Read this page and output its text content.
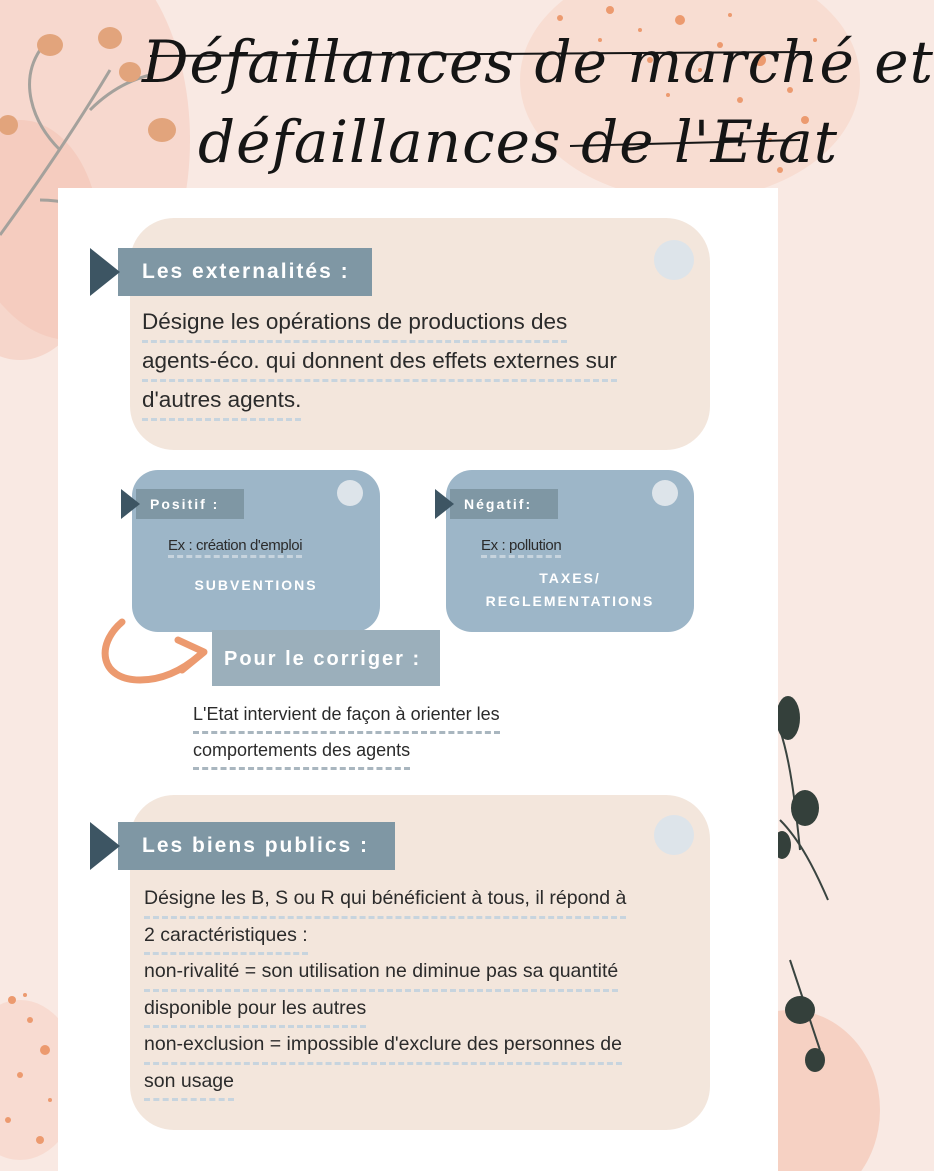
Défaillances de marché et
défaillances de l'Etat
Les externalités :
Désigne les opérations de productions des
agents-éco. qui donnent des effets externes sur
d'autres agents.
Positif :
Ex : création d'emploi
SUBVENTIONS
Négatif:
Ex : pollution
TAXES/
REGLEMENTATIONS
Pour le corriger :
L'Etat intervient de façon à orienter les
comportements des agents
Les biens publics :
Désigne les B, S ou R qui bénéficient à tous, il répond à
2 caractéristiques :
non-rivalité = son utilisation ne diminue pas sa quantité
disponible pour les autres
non-exclusion = impossible d'exclure des personnes de
son usage
